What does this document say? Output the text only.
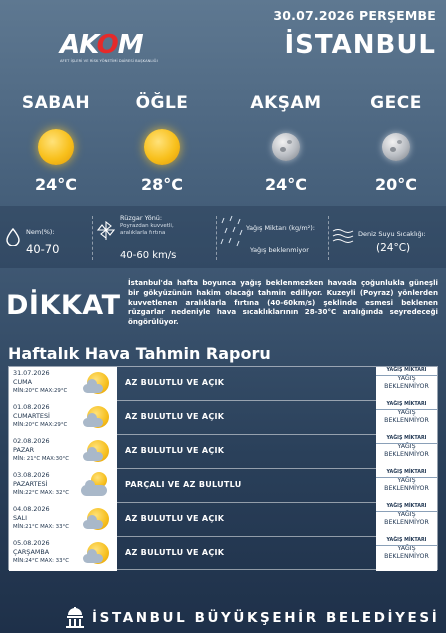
30.07.2026 PERŞEMBE
İSTANBUL
AKOM
AFET İŞLERİ VE RİSK YÖNETİMİ DAİRESİ BAŞKANLIĞI
SABAH
24°C
ÖĞLE
28°C
AKŞAM
24°C
GECE
20°C
Nem(%):
40-70
Rüzgar Yönü:
Poyrazdan kuvvetli, aralıklarla fırtına
40-60 km/s
Yağış Miktarı (kg/m²):
Yağış beklenmiyor
Deniz Suyu Sıcaklığı:
(24°C)
DİKKAT
İstanbul'da hafta boyunca yağış beklenmezken havada çoğunlukla güneşli bir gökyüzünün hakim olacağı tahmin ediliyor. Kuzeyli (Poyraz) yönlerden kuvvetlenen aralıklarla fırtına (40-60km/s) şeklinde esmesi beklenen rüzgarlar nedeniyle hava sıcaklıklarının 28-30°C aralığında seyredeceği öngörülüyor.
Haftalık Hava Tahmin Raporu
31.07.2026
CUMA
MİN:20°C MAX:29°C
AZ BULUTLU VE AÇIK
YAĞIŞ MİKTARI
YAĞIŞ BEKLENMİYOR
01.08.2026
CUMARTESİ
MİN:20°C MAX:29°C
AZ BULUTLU VE AÇIK
YAĞIŞ MİKTARI
YAĞIŞ BEKLENMİYOR
02.08.2026
PAZAR
MİN: 21°C MAX:30°C
AZ BULUTLU VE AÇIK
YAĞIŞ MİKTARI
YAĞIŞ BEKLENMİYOR
03.08.2026
PAZARTESİ
MİN:22°C MAX: 32°C
PARÇALI VE AZ BULUTLU
YAĞIŞ MİKTARI
YAĞIŞ BEKLENMİYOR
04.08.2026
SALI
MİN:21°C MAX: 33°C
AZ BULUTLU VE AÇIK
YAĞIŞ MİKTARI
YAĞIŞ BEKLENMİYOR
05.08.2026
ÇARŞAMBA
MİN:24°C MAX: 33°C
AZ BULUTLU VE AÇIK
YAĞIŞ MİKTARI
YAĞIŞ BEKLENMİYOR
İSTANBUL BÜYÜKŞEHİR BELEDİYESİ
